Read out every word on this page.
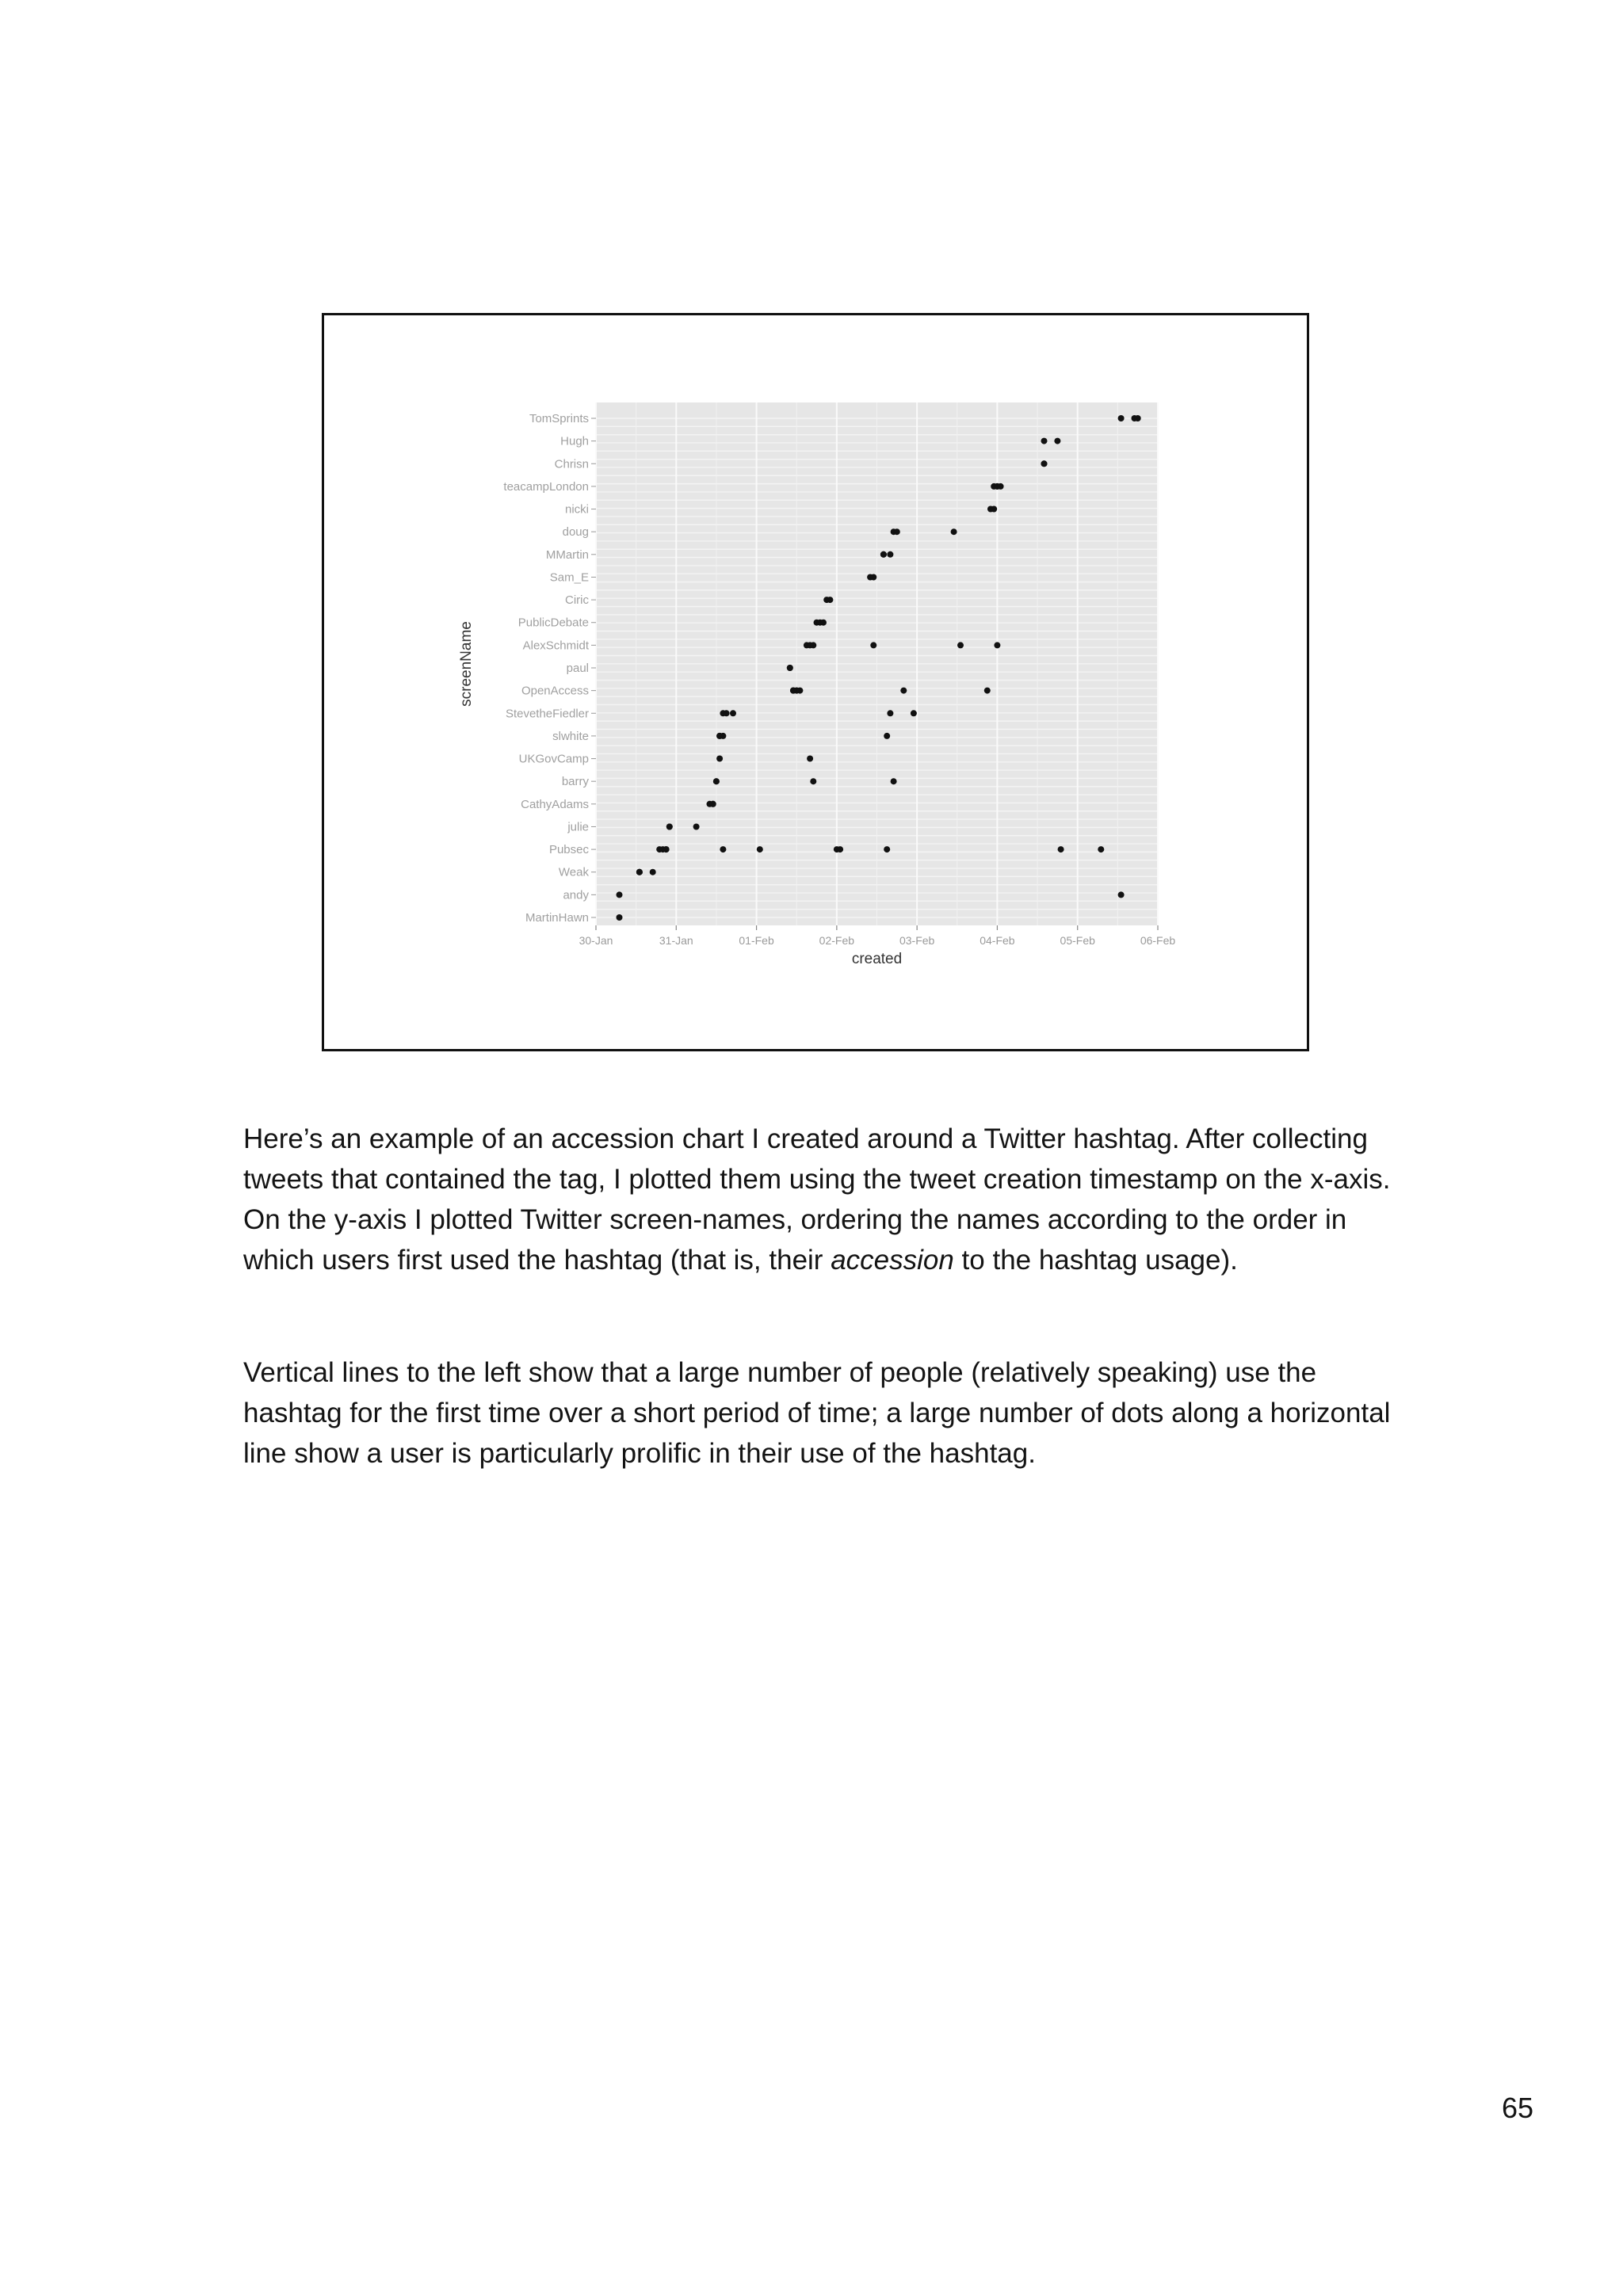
30-Jan	31-Jan	01-Feb	02-Feb	03-Feb	04-Feb	05-Feb	06-Feb
TomSprints
Hugh
Chrisn
teacampLondon
nicki
doug
MMartin
Sam_E
Ciric
PublicDebate
AlexSchmidt
paul
OpenAccess
StevetheFiedler
slwhite
UKGovCamp
barry
CathyAdams
julie
Pubsec
Weak
andy
MartinHawn
created
screenName

Here’s an example of an accession chart I created around a Twitter hashtag. After collecting tweets that contained the tag, I plotted them using the tweet creation timestamp on the x-axis. On the y-axis I plotted Twitter screen-names, ordering the names according to the order in which users first used the hashtag (that is, their accession to the hashtag usage).

Vertical lines to the left show that a large number of people (relatively speaking) use the hashtag for the first time over a short period of time; a large number of dots along a horizontal line show a user is particularly prolific in their use of the hashtag.

65
